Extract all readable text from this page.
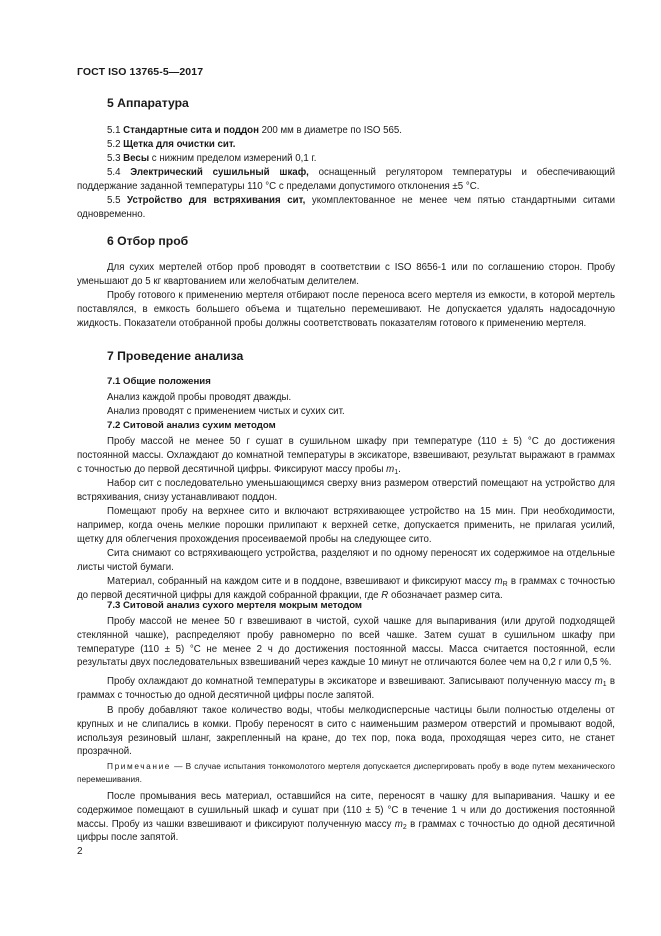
ГОСТ ISO 13765-5—2017
5 Аппаратура
5.1 Стандартные сита и поддон 200 мм в диаметре по ISO 565.
5.2 Щетка для очистки сит.
5.3 Весы с нижним пределом измерений 0,1 г.
5.4 Электрический сушильный шкаф, оснащенный регулятором температуры и обеспечивающий поддержание заданной температуры 110 °С с пределами допустимого отклонения ±5 °С.
5.5 Устройство для встряхивания сит, укомплектованное не менее чем пятью стандартными ситами одновременно.
6 Отбор проб
Для сухих мертелей отбор проб проводят в соответствии с ISO 8656-1 или по соглашению сторон. Пробу уменьшают до 5 кг квартованием или желобчатым делителем.
Пробу готового к применению мертеля отбирают после переноса всего мертеля из емкости, в которой мертель поставлялся, в емкость большего объема и тщательно перемешивают. Не допускается удалять надосадочную жидкость. Показатели отобранной пробы должны соответствовать показателям готового к применению мертеля.
7 Проведение анализа
7.1 Общие положения
Анализ каждой пробы проводят дважды.
Анализ проводят с применением чистых и сухих сит.
7.2 Ситовой анализ сухим методом
Пробу массой не менее 50 г сушат в сушильном шкафу при температуре (110 ± 5) °С до достижения постоянной массы. Охлаждают до комнатной температуры в эксикаторе, взвешивают, результат выражают в граммах с точностью до первой десятичной цифры. Фиксируют массу пробы $m_1$.
Набор сит с последовательно уменьшающимся сверху вниз размером отверстий помещают на устройство для встряхивания, снизу устанавливают поддон.
Помещают пробу на верхнее сито и включают встряхивающее устройство на 15 мин. При необходимости, например, когда очень мелкие порошки прилипают к верхней сетке, допускается применить, не прилагая усилий, щетку для облегчения прохождения просеиваемой пробы на следующее сито.
Сита снимают со встряхивающего устройства, разделяют и по одному переносят их содержимое на отдельные листы чистой бумаги.
Материал, собранный на каждом сите и в поддоне, взвешивают и фиксируют массу $m_R$ в граммах с точностью до первой десятичной цифры для каждой собранной фракции, где R обозначает размер сита.
7.3 Ситовой анализ сухого мертеля мокрым методом
Пробу массой не менее 50 г взвешивают в чистой, сухой чашке для выпаривания (или другой подходящей стеклянной чашке), распределяют пробу равномерно по всей чашке. Затем сушат в сушильном шкафу при температуре (110 ± 5) °С не менее 2 ч до достижения постоянной массы. Масса считается постоянной, если результаты двух последовательных взвешиваний через каждые 10 минут не отличаются более чем на 0,2 г или 0,5 %.
Пробу охлаждают до комнатной температуры в эксикаторе и взвешивают. Записывают полученную массу $m_1$ в граммах с точностью до одной десятичной цифры после запятой.
В пробу добавляют такое количество воды, чтобы мелкодисперсные частицы были полностью отделены от крупных и не слипались в комки. Пробу переносят в сито с наименьшим размером отверстий и промывают водой, используя резиновый шланг, закрепленный на кране, до тех пор, пока вода, проходящая через сито, не станет прозрачной.
Примечание — В случае испытания тонкомолотого мертеля допускается диспергировать пробу в воде путем механического перемешивания.
После промывания весь материал, оставшийся на сите, переносят в чашку для выпаривания. Чашку и ее содержимое помещают в сушильный шкаф и сушат при (110 ± 5) °С в течение 1 ч или до достижения постоянной массы. Пробу из чашки взвешивают и фиксируют полученную массу $m_2$ в граммах с точностью до одной десятичной цифры после запятой.
2
